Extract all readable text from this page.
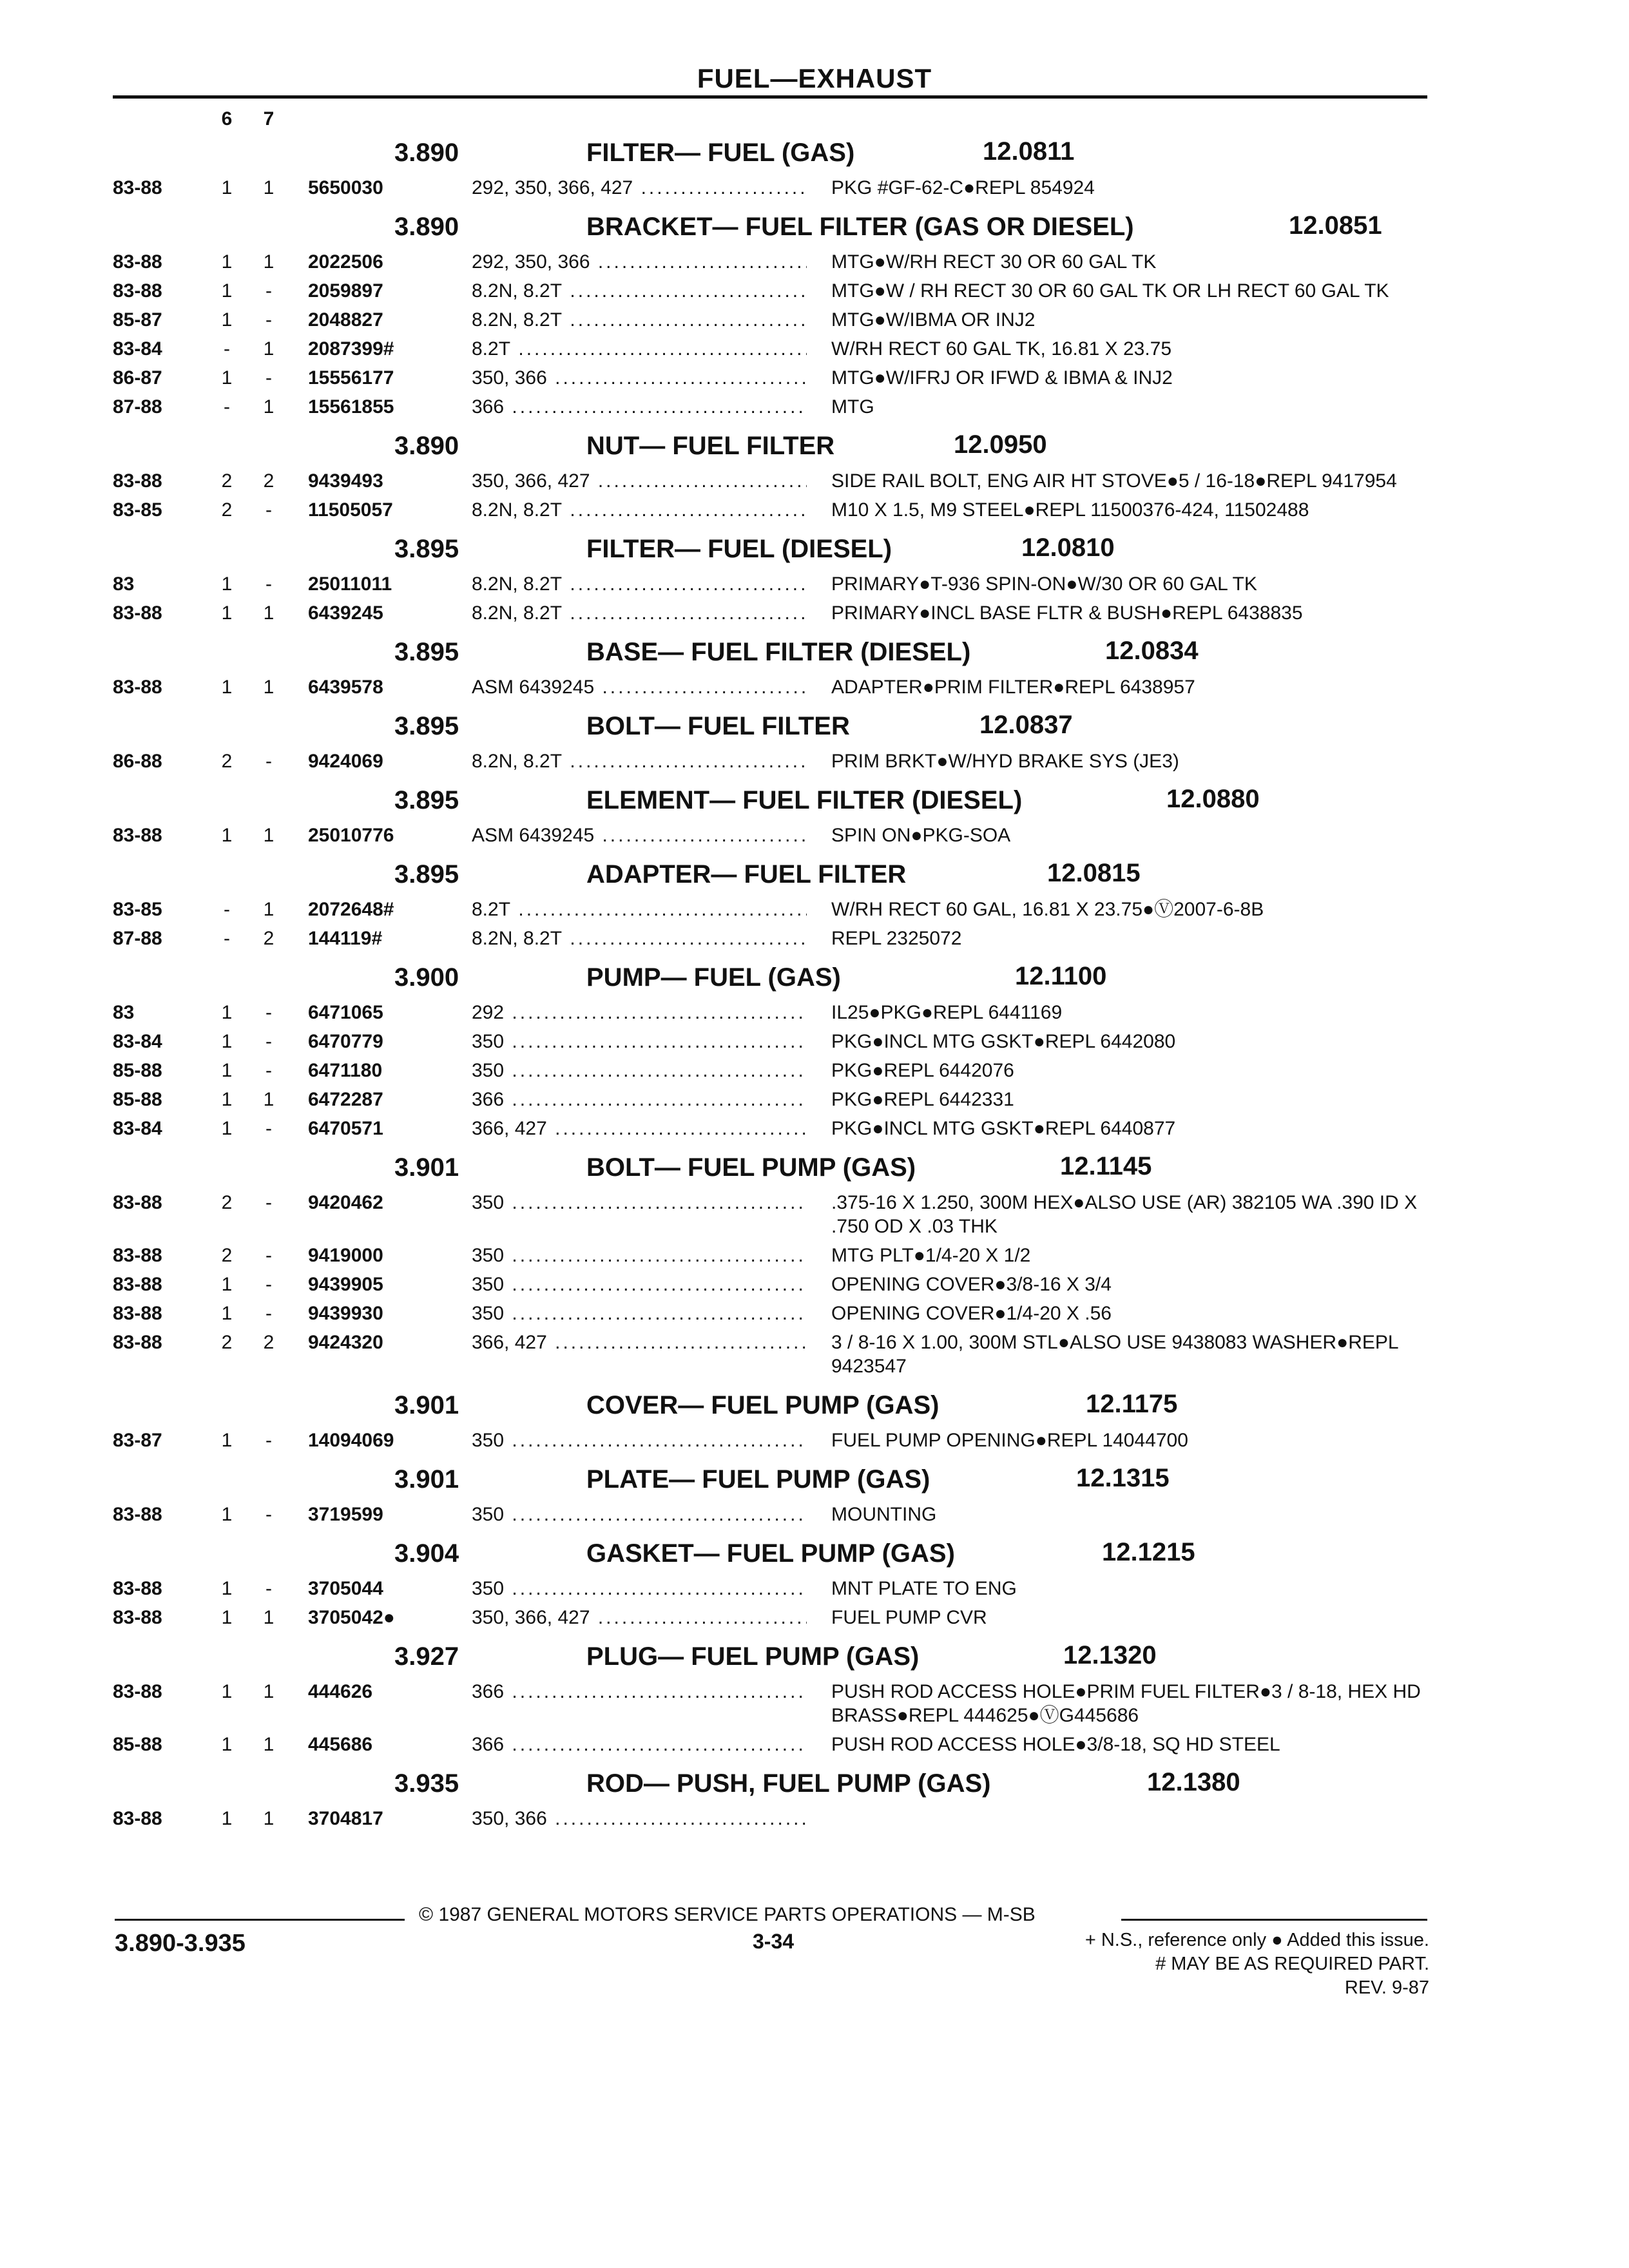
FUEL—EXHAUST
6 7
3.890	FILTER— FUEL (GAS)	12.0811
83-88	1 1 5650030	292, 350, 366, 427 .....	PKG #GF-62-C●REPL 854924
3.890	BRACKET— FUEL FILTER (GAS OR DIESEL)	12.0851
83-88	1 1 2022506	292, 350, 366 .....	MTG●W/RH RECT 30 OR 60 GAL TK
83-88	1	-	2059897	8.2N, 8.2T .....	MTG●W / RH RECT 30 OR 60 GAL TK OR LH RECT 60 GAL TK
85-87	1	-	2048827	8.2N, 8.2T .....	MTG●W/IBMA OR INJ2
83-84	-	1 2087399#	8.2T .....	W/RH RECT 60 GAL TK, 16.81 X 23.75
86-87	1	-	15556177	350, 366 .....	MTG●W/IFRJ OR IFWD & IBMA & INJ2
87-88	-	1 15561855	366 .....	MTG
3.890	NUT— FUEL FILTER	12.0950
83-88	2 2 9439493	350, 366, 427 .....	SIDE RAIL BOLT, ENG AIR HT STOVE●5 / 16-18●REPL 9417954
83-85	2	-	11505057	8.2N, 8.2T .....	M10 X 1.5, M9 STEEL●REPL 11500376-424, 11502488
3.895	FILTER— FUEL (DIESEL)	12.0810
83	1	-	25011011	8.2N, 8.2T .....	PRIMARY●T-936 SPIN-ON●W/30 OR 60 GAL TK
83-88	1 1 6439245	8.2N, 8.2T .....	PRIMARY●INCL BASE FLTR & BUSH●REPL 6438835
3.895	BASE— FUEL FILTER (DIESEL)	12.0834
83-88	1 1 6439578	ASM 6439245 .....	ADAPTER●PRIM FILTER●REPL 6438957
3.895	BOLT— FUEL FILTER	12.0837
86-88	2	-	9424069	8.2N, 8.2T .....	PRIM BRKT●W/HYD BRAKE SYS (JE3)
3.895	ELEMENT— FUEL FILTER (DIESEL)	12.0880
83-88	1 1 25010776	ASM 6439245 .....	SPIN ON●PKG-SOA
3.895	ADAPTER— FUEL FILTER	12.0815
83-85	-	1 2072648#	8.2T .....	W/RH RECT 60 GAL, 16.81 X 23.75●Ⓥ2007-6-8B
87-88	-	2 144119#	8.2N, 8.2T .....	REPL 2325072
3.900	PUMP— FUEL (GAS)	12.1100
83	1	-	6471065	292 .....	IL25●PKG●REPL 6441169
83-84	1	-	6470779	350 .....	PKG●INCL MTG GSKT●REPL 6442080
85-88	1	-	6471180	350 .....	PKG●REPL 6442076
85-88	1 1 6472287	366 .....	PKG●REPL 6442331
83-84	1	-	6470571	366, 427 .....	PKG●INCL MTG GSKT●REPL 6440877
3.901	BOLT— FUEL PUMP (GAS)	12.1145
83-88	2	-	9420462	350 .....	.375-16 X 1.250, 300M HEX●ALSO USE (AR) 382105 WA .390 ID X .750 OD X .03 THK
83-88	2	-	9419000	350 .....	MTG PLT●1/4-20 X 1/2
83-88	1	-	9439905	350 .....	OPENING COVER●3/8-16 X 3/4
83-88	1	-	9439930	350 .....	OPENING COVER●1/4-20 X .56
83-88	2 2 9424320	366, 427 .....	3 / 8-16 X 1.00, 300M STL●ALSO USE 9438083 WASHER●REPL 9423547
3.901	COVER— FUEL PUMP (GAS)	12.1175
83-87	1	-	14094069	350 .....	FUEL PUMP OPENING●REPL 14044700
3.901	PLATE— FUEL PUMP (GAS)	12.1315
83-88	1	-	3719599	350 .....	MOUNTING
3.904	GASKET— FUEL PUMP (GAS)	12.1215
83-88	1	-	3705044	350 .....	MNT PLATE TO ENG
83-88	1 1 3705042●	350, 366, 427 .....	FUEL PUMP CVR
3.927	PLUG— FUEL PUMP (GAS)	12.1320
83-88	1 1 444626	366 .....	PUSH ROD ACCESS HOLE●PRIM FUEL FILTER●3 / 8-18, HEX HD BRASS●REPL 444625●ⓋG445686
85-88	1 1 445686	366 .....	PUSH ROD ACCESS HOLE●3/8-18, SQ HD STEEL
3.935	ROD— PUSH, FUEL PUMP (GAS)	12.1380
83-88	1 1 3704817	350, 366 .....
© 1987 GENERAL MOTORS SERVICE PARTS OPERATIONS — M-SB
3.890-3.935	3-34	+ N.S., reference only ● Added this issue.
# MAY BE AS REQUIRED PART.
REV. 9-87
